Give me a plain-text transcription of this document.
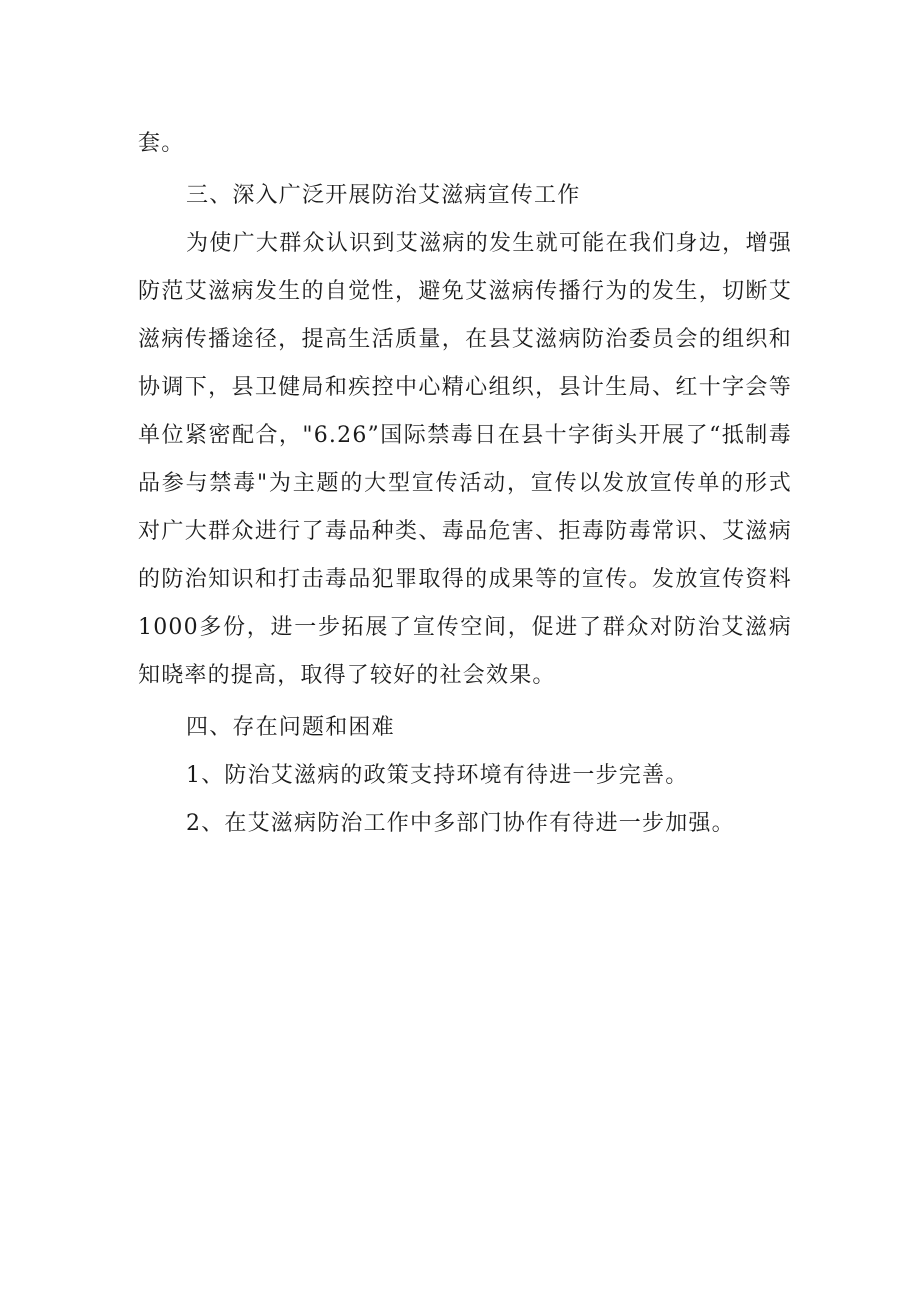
套。

三、深入广泛开展防治艾滋病宣传工作

为使广大群众认识到艾滋病的发生就可能在我们身边，增强防范艾滋病发生的自觉性，避免艾滋病传播行为的发生，切断艾滋病传播途径，提高生活质量，在县艾滋病防治委员会的组织和协调下，县卫健局和疾控中心精心组织，县计生局、红十字会等单位紧密配合，"6.26”国际禁毒日在县十字街头开展了“抵制毒品参与禁毒"为主题的大型宣传活动，宣传以发放宣传单的形式对广大群众进行了毒品种类、毒品危害、拒毒防毒常识、艾滋病的防治知识和打击毒品犯罪取得的成果等的宣传。发放宣传资料1000多份，进一步拓展了宣传空间，促进了群众对防治艾滋病知晓率的提高，取得了较好的社会效果。

四、存在问题和困难

1、防治艾滋病的政策支持环境有待进一步完善。

2、在艾滋病防治工作中多部门协作有待进一步加强。
